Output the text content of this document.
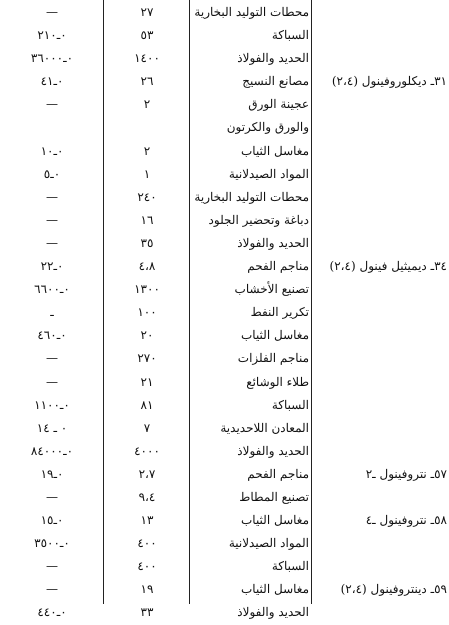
—	٢٧	محطات التوليد البخارية
٠ـ٢١٠	٥٣	السباكة
٠ـ٣٦٠٠٠	١٤٠٠	الحديد والفولاذ
٠ـ٤١	٢٦	مصانع النسيج	٣١ـ ديكلوروفينول (٢،٤)
—	٢	عجينة الورق
والورق والكرتون
٠ـ١٠	٢	مغاسل الثياب
٠ـ٥	١	المواد الصيدلانية
—	٢٤٠	محطات التوليد البخارية
—	١٦	دباغة وتحضير الجلود
—	٣٥	الحديد والفولاذ
٠ـ٢٢	٤،٨	مناجم الفحم	٣٤ـ ديميثيل فينول (٢،٤)
٠ـ٦٦٠٠	١٣٠٠	تصنيع الأخشاب
ـ	١٠٠	تكرير النفط
٠ـ٤٦٠	٢٠	مغاسل الثياب
—	٢٧٠	مناجم الفلزات
—	٢١	طلاء الوشائع
٠ـ١١٠٠	٨١	السباكة
٠ ـ ١٤	٧	المعادن اللاحديدية
٠ـ٨٤٠٠٠	٤٠٠٠	الحديد والفولاذ
٠ـ١٩	٢،٧	مناجم الفحم	٥٧ـ نتروفينول ـ٢
—	٩،٤	تصنيع المطاط
٠ـ١٥	١٣	مغاسل الثياب	٥٨ـ نتروفينول ـ٤
٠ـ٣٥٠٠	٤٠٠	المواد الصيدلانية
—	٤٠٠	السباكة
—	١٩	مغاسل الثياب	٥٩ـ دينتروفينول (٢،٤)
٠ـ٤٤٠	٣٣	الحديد والفولاذ
